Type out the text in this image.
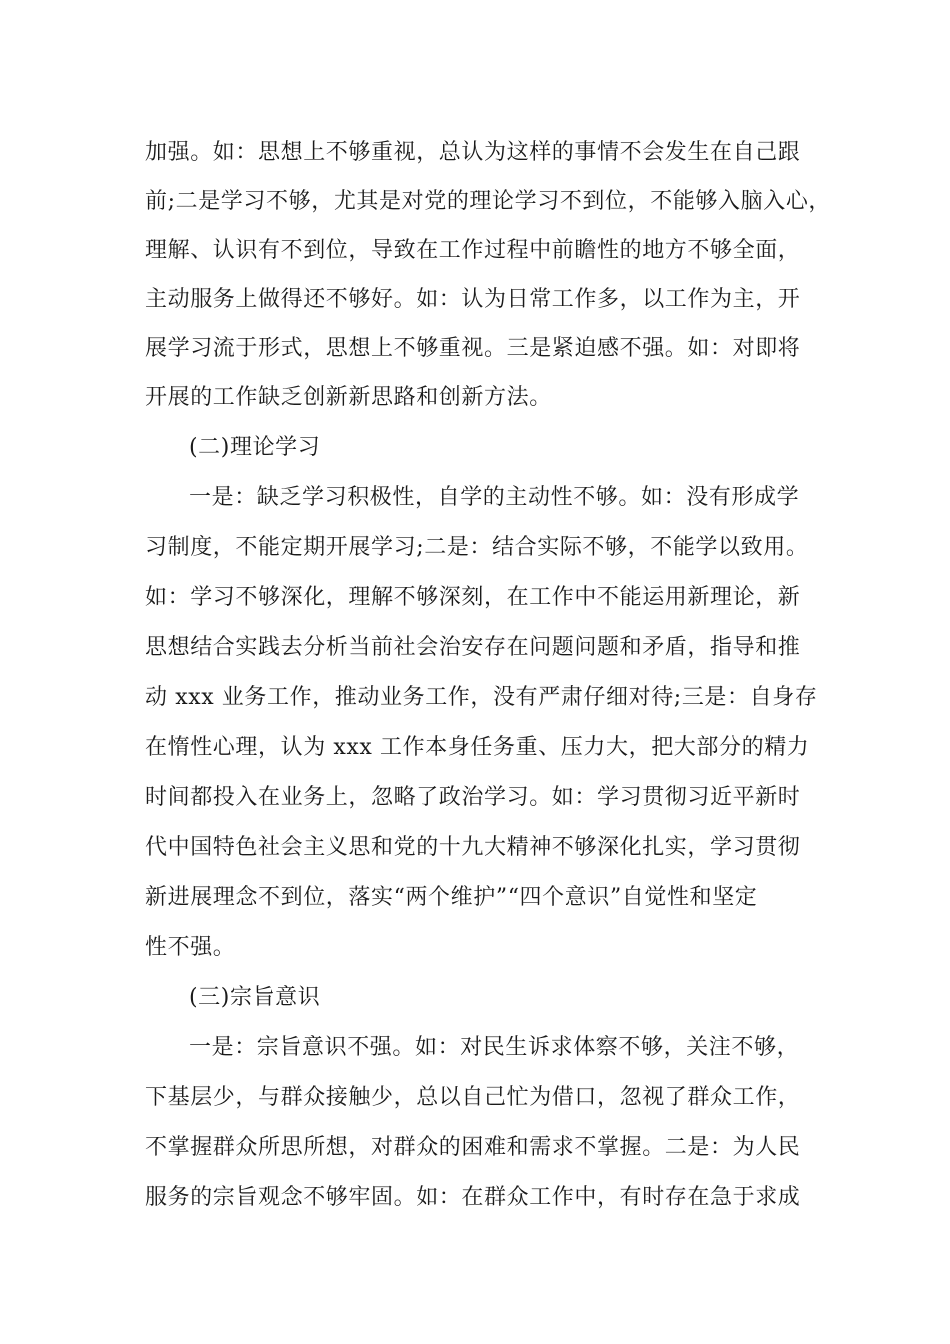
加强。如：思想上不够重视，总认为这样的事情不会发生在自己跟
前;二是学习不够，尤其是对党的理论学习不到位，不能够入脑入心，
理解、认识有不到位，导致在工作过程中前瞻性的地方不够全面，
主动服务上做得还不够好。如：认为日常工作多，以工作为主，开
展学习流于形式，思想上不够重视。三是紧迫感不强。如：对即将
开展的工作缺乏创新新思路和创新方法。
(二)理论学习
一是：缺乏学习积极性，自学的主动性不够。如：没有形成学
习制度，不能定期开展学习;二是：结合实际不够，不能学以致用。
如：学习不够深化，理解不够深刻，在工作中不能运用新理论，新
思想结合实践去分析当前社会治安存在问题问题和矛盾，指导和推
动 xxx 业务工作，推动业务工作，没有严肃仔细对待;三是：自身存
在惰性心理，认为 xxx 工作本身任务重、压力大，把大部分的精力
时间都投入在业务上，忽略了政治学习。如：学习贯彻习近平新时
代中国特色社会主义思和党的十九大精神不够深化扎实，学习贯彻
新进展理念不到位，落实“两个维护”“四个意识”自觉性和坚定
性不强。
(三)宗旨意识
一是：宗旨意识不强。如：对民生诉求体察不够，关注不够，
下基层少，与群众接触少，总以自己忙为借口，忽视了群众工作，
不掌握群众所思所想，对群众的困难和需求不掌握。二是：为人民
服务的宗旨观念不够牢固。如：在群众工作中，有时存在急于求成
